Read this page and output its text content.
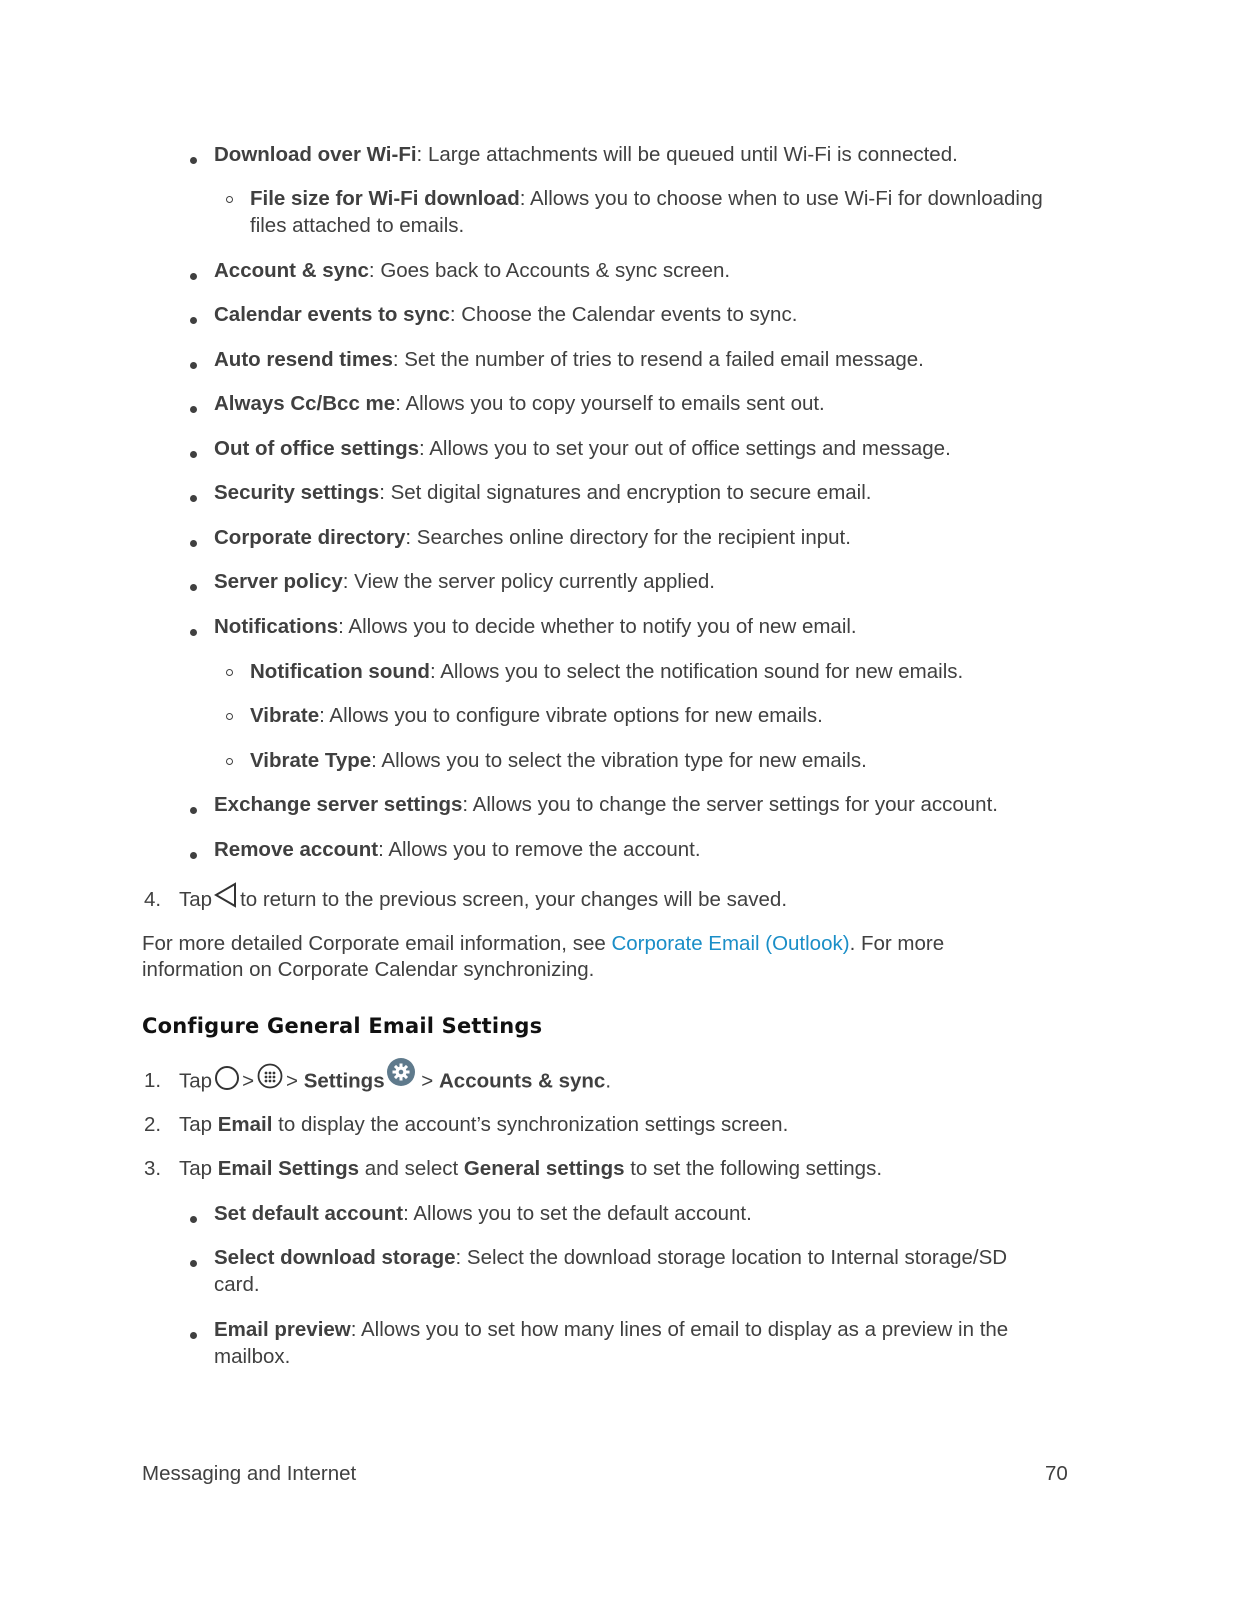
Download over Wi-Fi: Large attachments will be queued until Wi-Fi is connected.
File size for Wi-Fi download: Allows you to choose when to use Wi-Fi for downloading
files attached to emails.
Account & sync: Goes back to Accounts & sync screen.
Calendar events to sync: Choose the Calendar events to sync.
Auto resend times: Set the number of tries to resend a failed email message.
Always Cc/Bcc me: Allows you to copy yourself to emails sent out.
Out of office settings: Allows you to set your out of office settings and message.
Security settings: Set digital signatures and encryption to secure email.
Corporate directory: Searches online directory for the recipient input.
Server policy: View the server policy currently applied.
Notifications: Allows you to decide whether to notify you of new email.
Notification sound: Allows you to select the notification sound for new emails.
Vibrate: Allows you to configure vibrate options for new emails.
Vibrate Type: Allows you to select the vibration type for new emails.
Exchange server settings: Allows you to change the server settings for your account.
Remove account: Allows you to remove the account.
4. Tap to return to the previous screen, your changes will be saved.
For more detailed Corporate email information, see Corporate Email (Outlook). For more
information on Corporate Calendar synchronizing.
Configure General Email Settings
1. Tap > > Settings > Accounts & sync.
2. Tap Email to display the account’s synchronization settings screen.
3. Tap Email Settings and select General settings to set the following settings.
Set default account: Allows you to set the default account.
Select download storage: Select the download storage location to Internal storage/SD
card.
Email preview: Allows you to set how many lines of email to display as a preview in the
mailbox.
Messaging and Internet	70
